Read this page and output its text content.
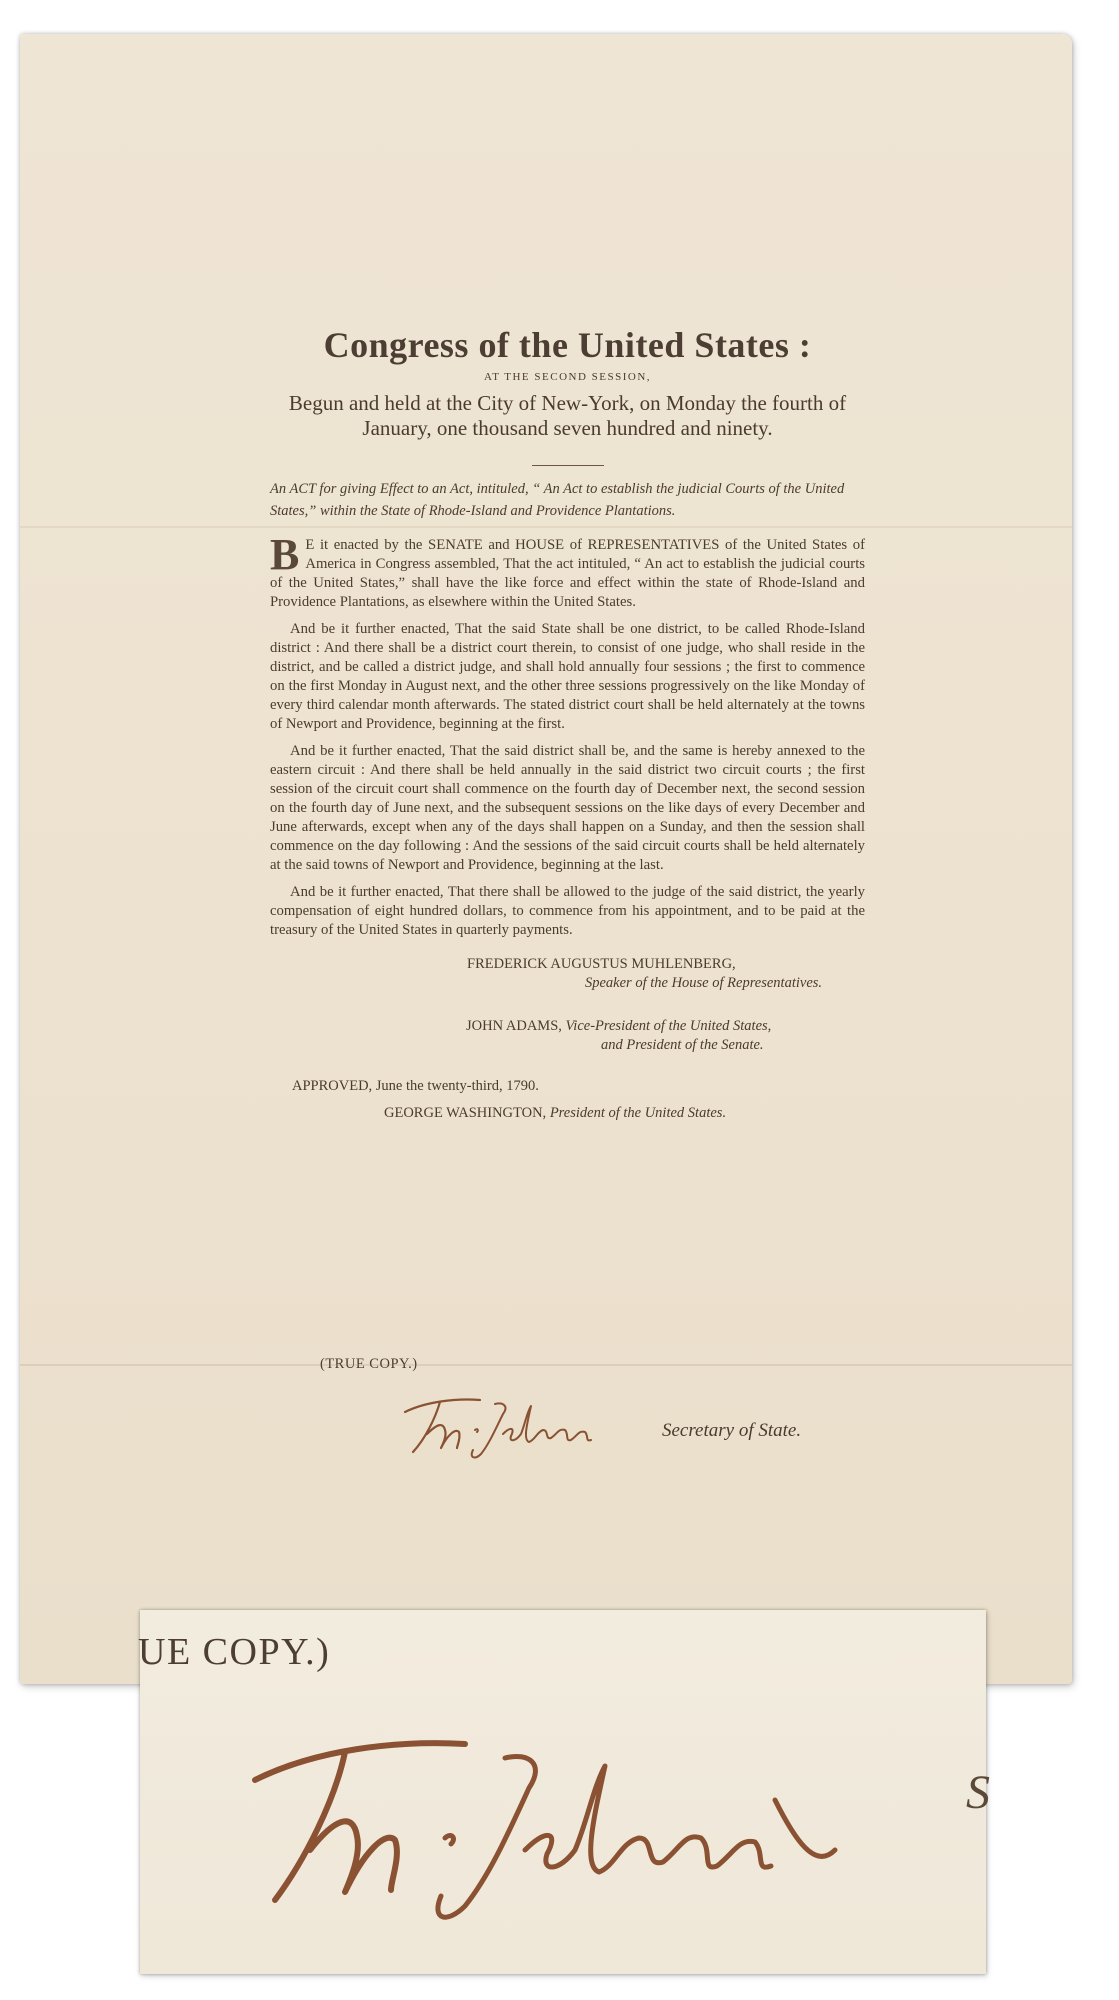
Congress of the United States :
AT THE SECOND SESSION,

Begun and held at the City of New-York, on Monday the fourth of January, one thousand seven hundred and ninety.

An ACT for giving Effect to an Act, intituled, “ An Act to establish the judicial Courts of the United States,” within the State of Rhode-Island and Providence Plantations.

B E it enacted by the SENATE and HOUSE of REPRESENTATIVES of the United States of America in Congress assembled, That the act intituled, “ An act to establish the judicial courts of the United States,” shall have the like force and effect within the state of Rhode-Island and Providence Plantations, as elsewhere within the United States.

And be it further enacted, That the said State shall be one district, to be called Rhode-Island district : And there shall be a district court therein, to consist of one judge, who shall reside in the district, and be called a district judge, and shall hold annually four sessions ; the first to commence on the first Monday in August next, and the other three sessions progressively on the like Monday of every third calendar month afterwards. The stated district court shall be held alternately at the towns of Newport and Providence, beginning at the first.

And be it further enacted, That the said district shall be, and the same is hereby annexed to the eastern circuit : And there shall be held annually in the said district two circuit courts ; the first session of the circuit court shall commence on the fourth day of December next, the second session on the fourth day of June next, and the subsequent sessions on the like days of every December and June afterwards, except when any of the days shall happen on a Sunday, and then the session shall commence on the day following : And the sessions of the said circuit courts shall be held alternately at the said towns of Newport and Providence, beginning at the last.

And be it further enacted, That there shall be allowed to the judge of the said district, the yearly compensation of eight hundred dollars, to commence from his appointment, and to be paid at the treasury of the United States in quarterly payments.

FREDERICK AUGUSTUS MUHLENBERG,

Speaker of the House of Representatives.

JOHN ADAMS, Vice-President of the United States,

and President of the Senate.

APPROVED, June the twenty-third, 1790.

GEORGE WASHINGTON, President of the United States.

(TRUE COPY.)
Secretary of State.
UE COPY.)
S
